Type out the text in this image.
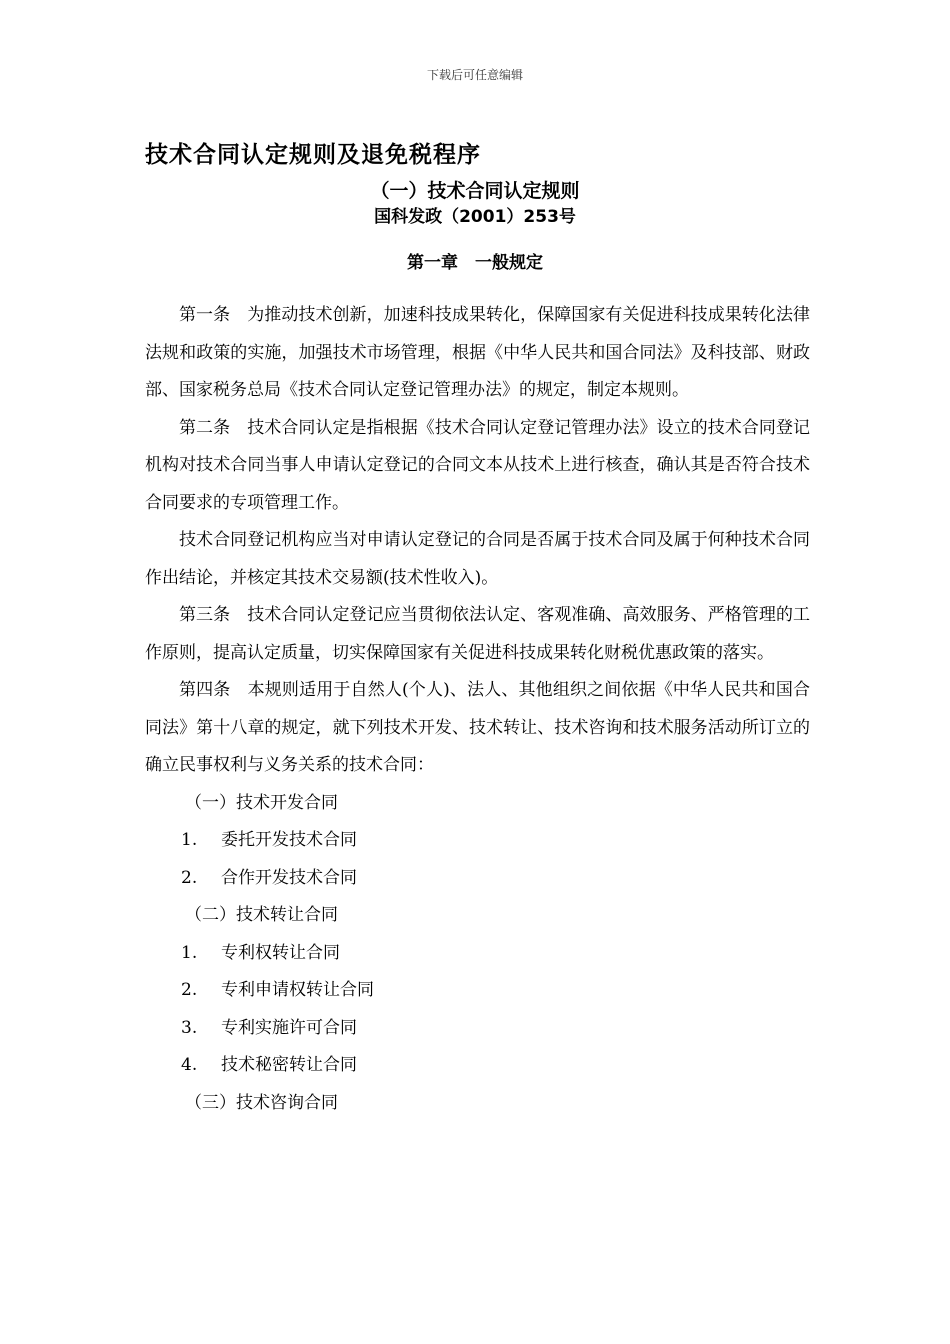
下载后可任意编辑
技术合同认定规则及退免税程序
（一）技术合同认定规则
国科发政（2001）253号
第一章　一般规定

第一条　为推动技术创新，加速科技成果转化，保障国家有关促进科技成果转化法律法规和政策的实施，加强技术市场管理，根据《中华人民共和国合同法》及科技部、财政部、国家税务总局《技术合同认定登记管理办法》的规定，制定本规则。

第二条　技术合同认定是指根据《技术合同认定登记管理办法》设立的技术合同登记机构对技术合同当事人申请认定登记的合同文本从技术上进行核查，确认其是否符合技术合同要求的专项管理工作。

技术合同登记机构应当对申请认定登记的合同是否属于技术合同及属于何种技术合同作出结论，并核定其技术交易额(技术性收入)。

第三条　技术合同认定登记应当贯彻依法认定、客观准确、高效服务、严格管理的工作原则，提高认定质量，切实保障国家有关促进科技成果转化财税优惠政策的落实。

第四条　本规则适用于自然人(个人)、法人、其他组织之间依据《中华人民共和国合同法》第十八章的规定，就下列技术开发、技术转让、技术咨询和技术服务活动所订立的确立民事权利与义务关系的技术合同：

（一）技术开发合同
1. 委托开发技术合同
2. 合作开发技术合同
（二）技术转让合同
1. 专利权转让合同
2. 专利申请权转让合同
3. 专利实施许可合同
4. 技术秘密转让合同
（三）技术咨询合同
